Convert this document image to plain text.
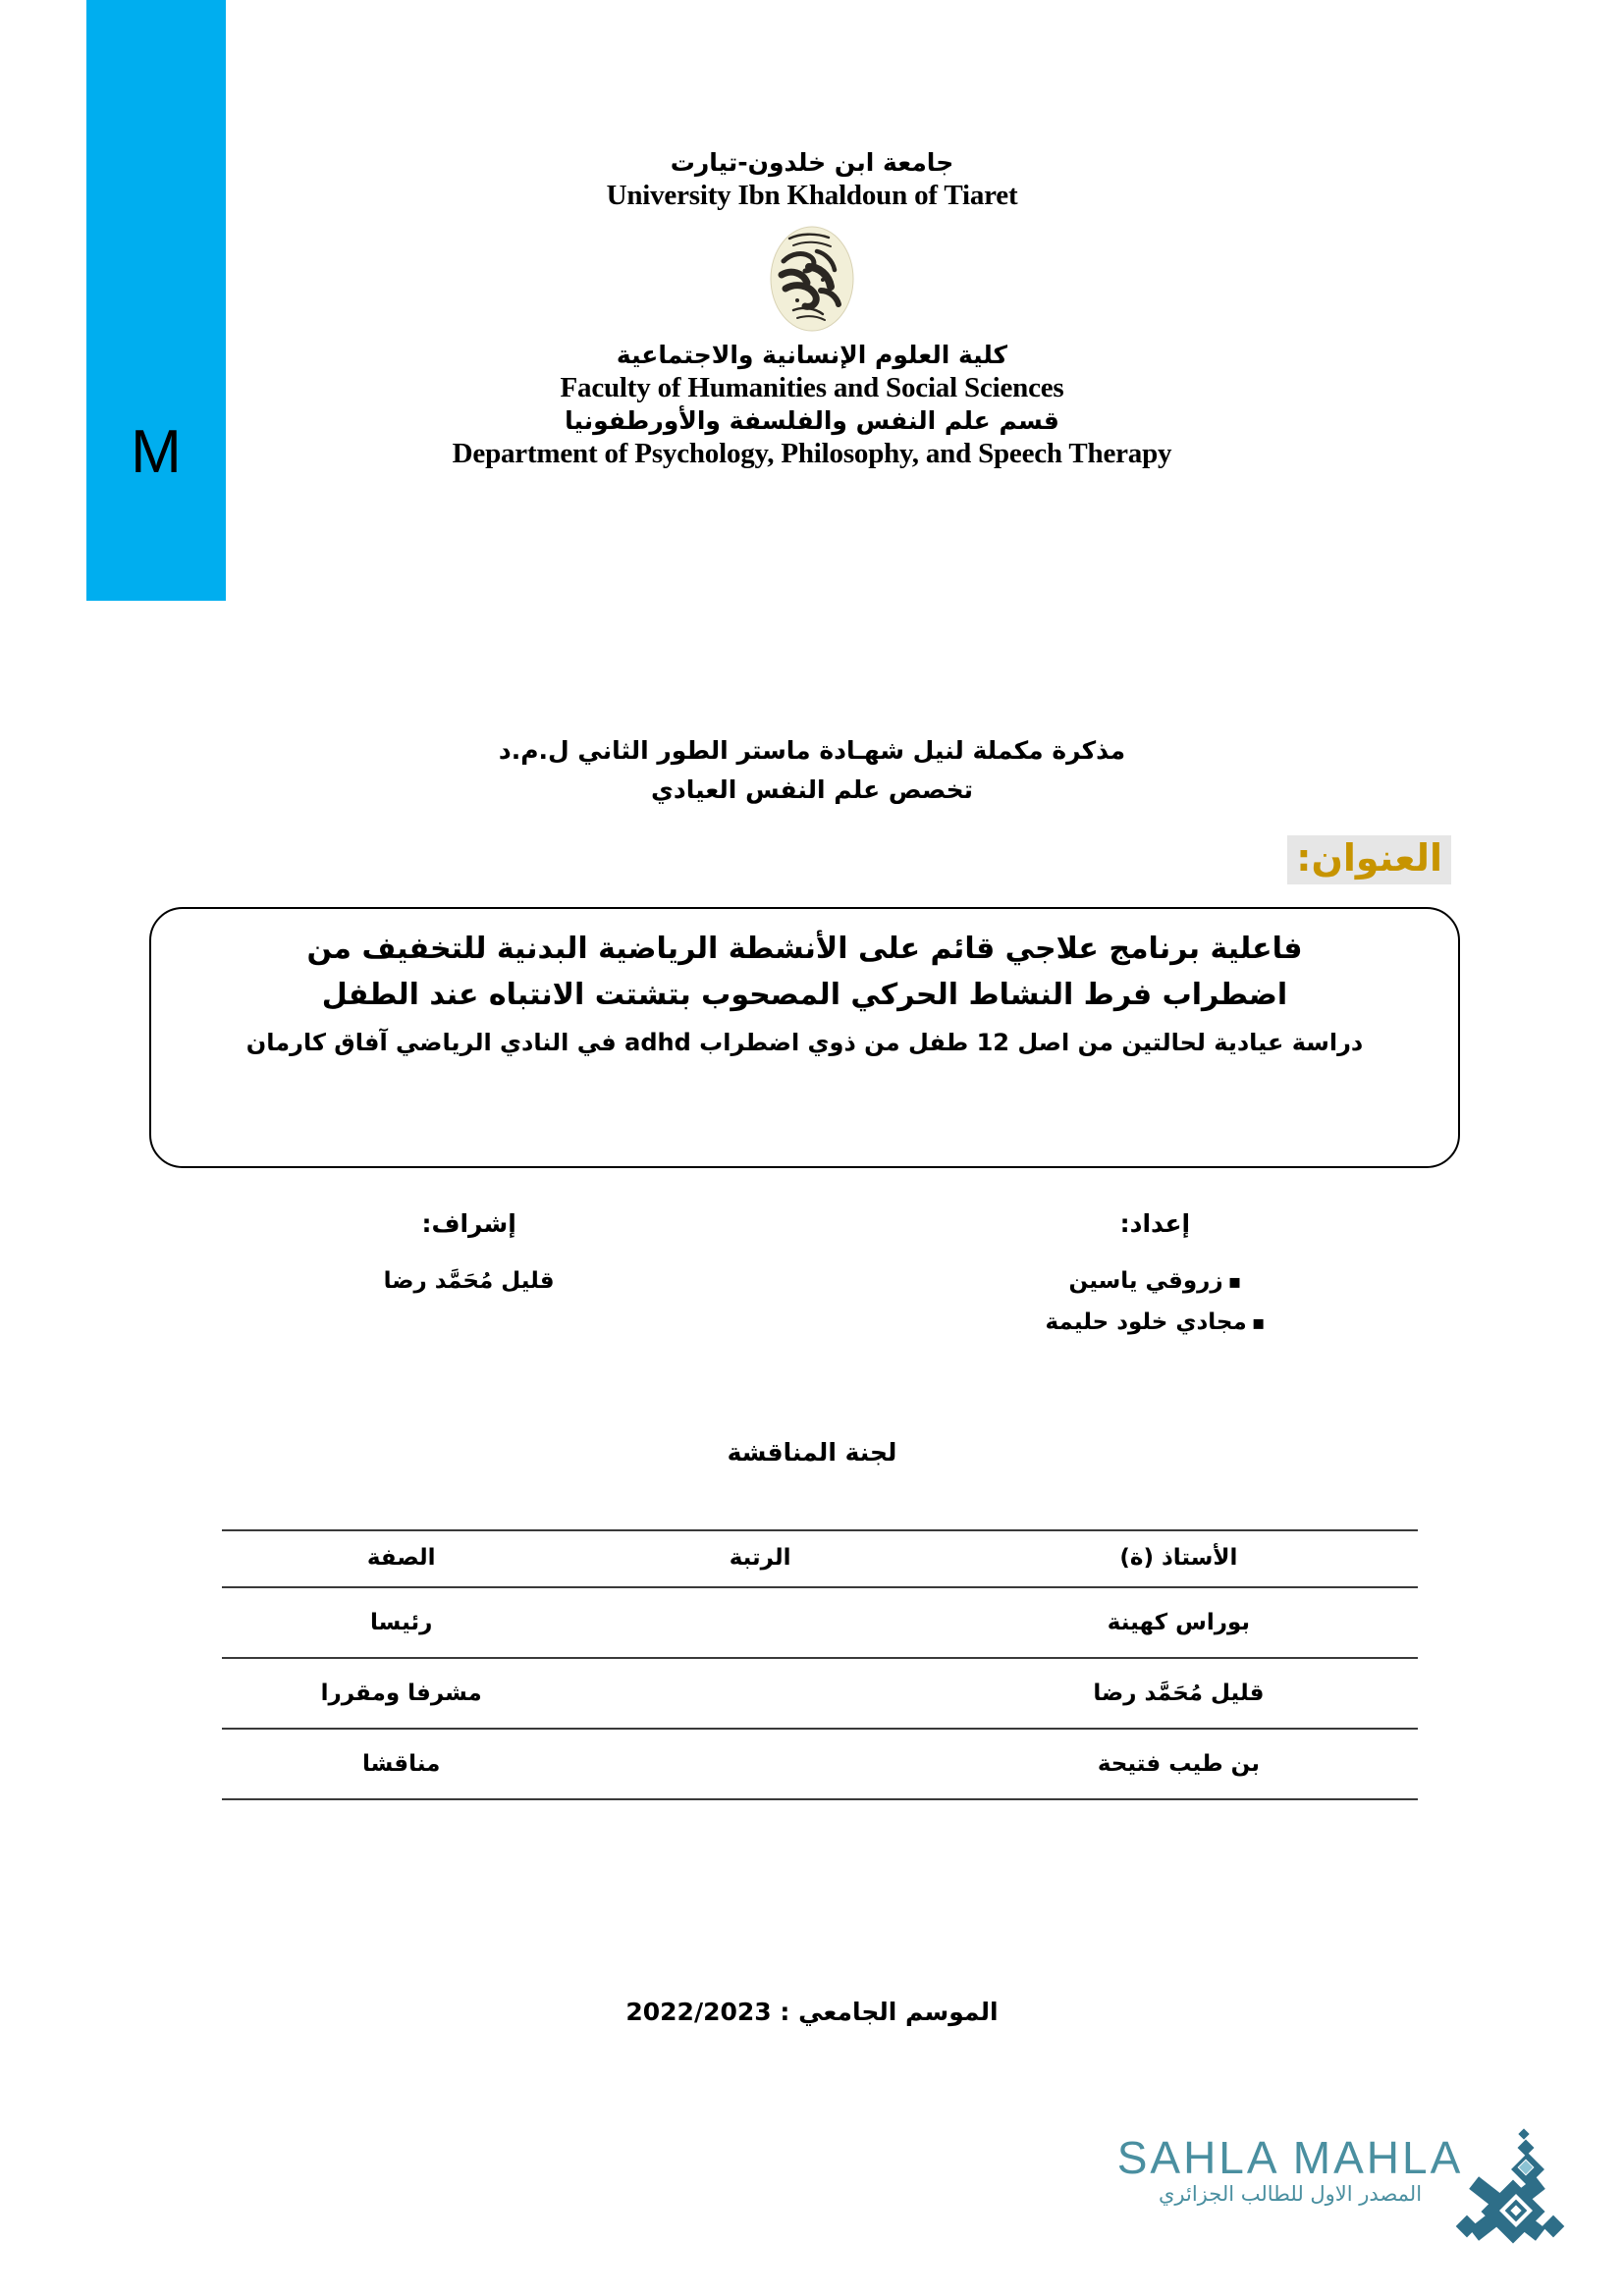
M
جامعة ابن خلدون-تيارت
University Ibn Khaldoun of Tiaret
كلية العلوم الإنسانية والاجتماعية
Faculty of Humanities and Social Sciences
قسم علم النفس والفلسفة والأورطفونيا
Department of Psychology, Philosophy, and Speech Therapy
مذكرة مكملة لنيل شهـادة ماستر الطور الثاني ل.م.د
تخصص علم النفس العيادي
العنوان:
فاعلية برنامج علاجي قائم على الأنشطة الرياضية البدنية للتخفيف من
اضطراب فرط النشاط الحركي المصحوب بتشتت الانتباه عند الطفل
دراسة عيادية لحالتين من اصل 12 طفل من ذوي اضطراب adhd في النادي الرياضي آفاق كارمان
إعداد:
▪ زروقي ياسين
▪ مجادي خلود حليمة
إشراف:
قليل مُحَمَّد رضا
لجنة المناقشة
الأستاذ (ة)	الرتبة	الصفة
بوراس كهينة		رئيسا
قليل مُحَمَّد رضا		مشرفا ومقررا
بن طيب فتيحة		مناقشا
الموسم الجامعي : 2022/2023
SAHLA MAHLA
المصدر الاول للطالب الجزائري
